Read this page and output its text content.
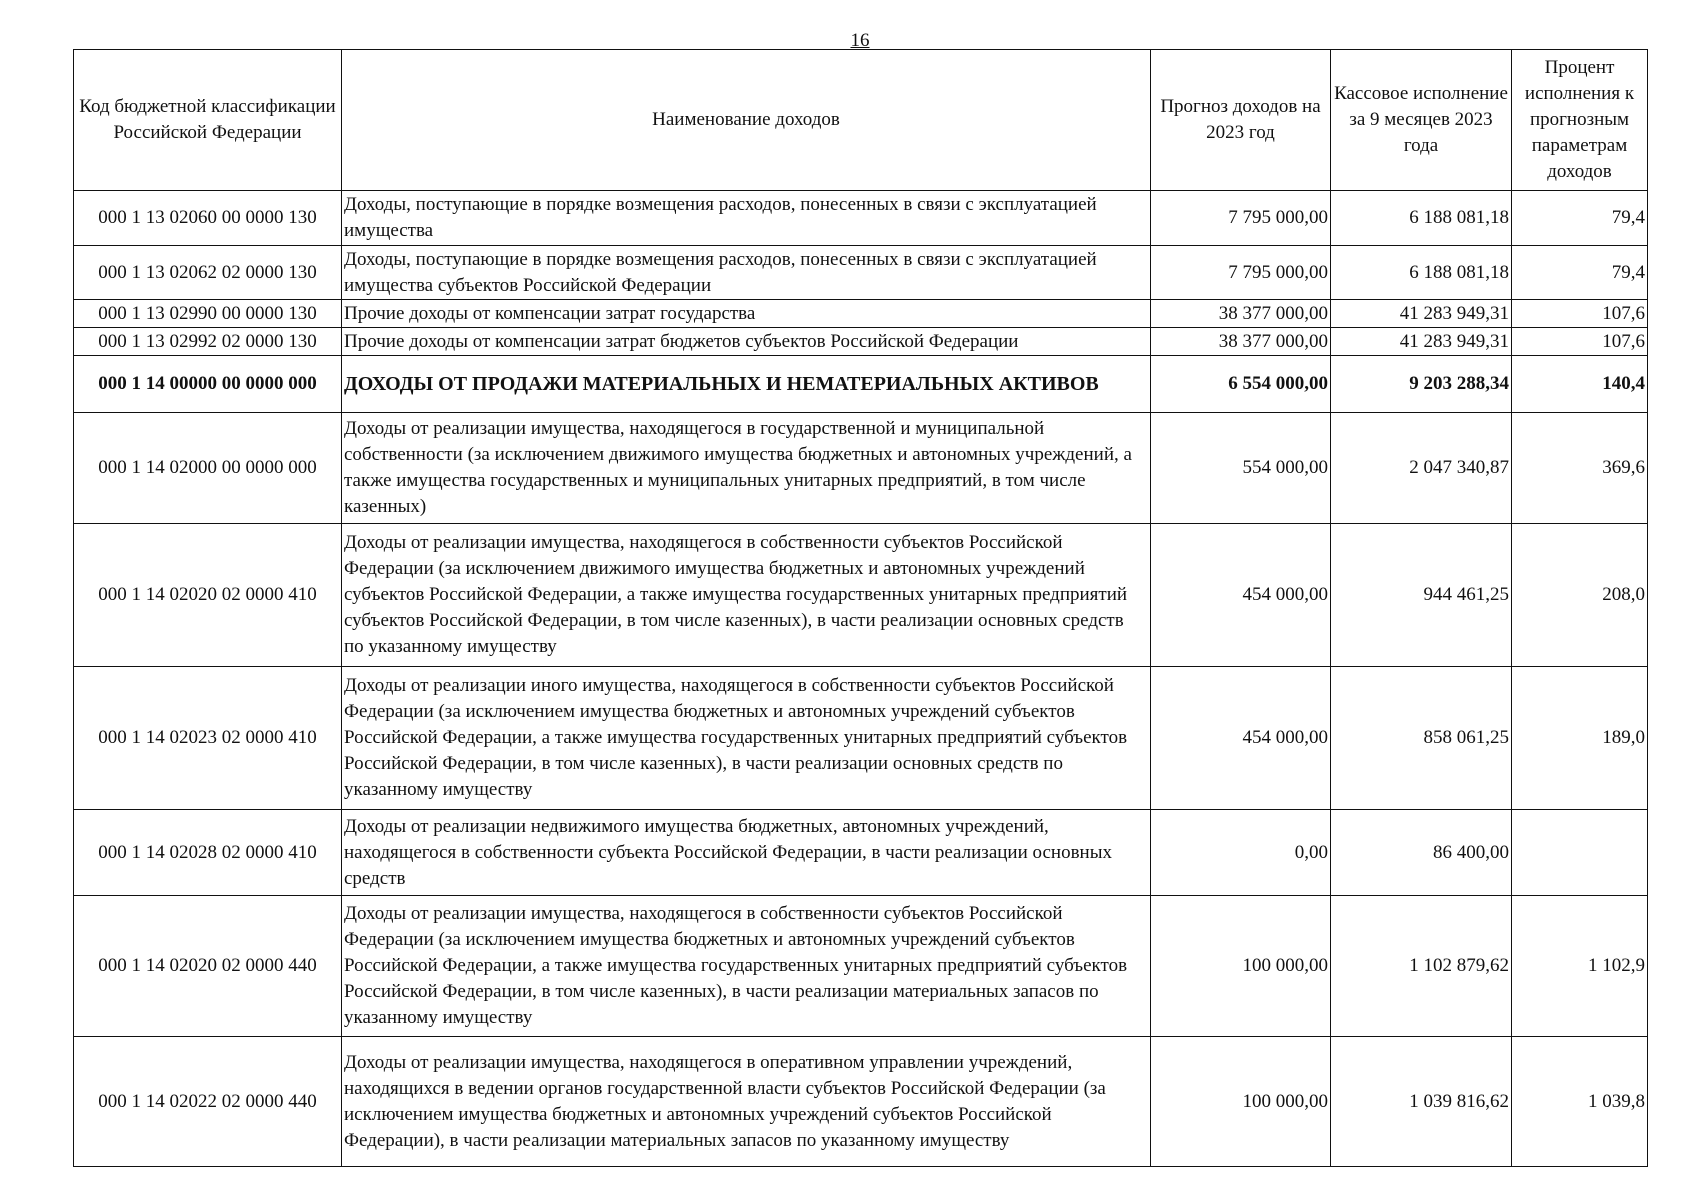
16
Код бюджетной классификации Российской Федерации	Наименование доходов	Прогноз доходов на 2023 год	Кассовое исполнение за 9 месяцев 2023 года	Процент исполнения к прогнозным параметрам доходов
000 1 13 02060 00 0000 130	Доходы, поступающие в порядке возмещения расходов, понесенных в связи с эксплуатацией имущества	7 795 000,00	6 188 081,18	79,4
000 1 13 02062 02 0000 130	Доходы, поступающие в порядке возмещения расходов, понесенных в связи с эксплуатацией имущества субъектов Российской Федерации	7 795 000,00	6 188 081,18	79,4
000 1 13 02990 00 0000 130	Прочие доходы от компенсации затрат государства	38 377 000,00	41 283 949,31	107,6
000 1 13 02992 02 0000 130	Прочие доходы от компенсации затрат бюджетов субъектов Российской Федерации	38 377 000,00	41 283 949,31	107,6
000 1 14 00000 00 0000 000	ДОХОДЫ ОТ ПРОДАЖИ МАТЕРИАЛЬНЫХ И НЕМАТЕРИАЛЬНЫХ АКТИВОВ	6 554 000,00	9 203 288,34	140,4
000 1 14 02000 00 0000 000	Доходы от реализации имущества, находящегося в государственной и муниципальной собственности (за исключением движимого имущества бюджетных и автономных учреждений, а также имущества государственных и муниципальных унитарных предприятий, в том числе казенных)	554 000,00	2 047 340,87	369,6
000 1 14 02020 02 0000 410	Доходы от реализации имущества, находящегося в собственности субъектов Российской Федерации (за исключением движимого имущества бюджетных и автономных учреждений субъектов Российской Федерации, а также имущества государственных унитарных предприятий субъектов Российской Федерации, в том числе казенных), в части реализации основных средств по указанному имуществу	454 000,00	944 461,25	208,0
000 1 14 02023 02 0000 410	Доходы от реализации иного имущества, находящегося в собственности субъектов Российской Федерации (за исключением имущества бюджетных и автономных учреждений субъектов Российской Федерации, а также имущества государственных унитарных предприятий субъектов Российской Федерации, в том числе казенных), в части реализации основных средств по указанному имуществу	454 000,00	858 061,25	189,0
000 1 14 02028 02 0000 410	Доходы от реализации недвижимого имущества бюджетных, автономных учреждений, находящегося в собственности субъекта Российской Федерации, в части реализации основных средств	0,00	86 400,00	
000 1 14 02020 02 0000 440	Доходы от реализации имущества, находящегося в собственности субъектов Российской Федерации (за исключением имущества бюджетных и автономных учреждений субъектов Российской Федерации, а также имущества государственных унитарных предприятий субъектов Российской Федерации, в том числе казенных), в части реализации материальных запасов по указанному имуществу	100 000,00	1 102 879,62	1 102,9
000 1 14 02022 02 0000 440	Доходы от реализации имущества, находящегося в оперативном управлении учреждений, находящихся в ведении органов государственной власти субъектов Российской Федерации (за исключением имущества бюджетных и автономных учреждений субъектов Российской Федерации), в части реализации материальных запасов по указанному имуществу	100 000,00	1 039 816,62	1 039,8
